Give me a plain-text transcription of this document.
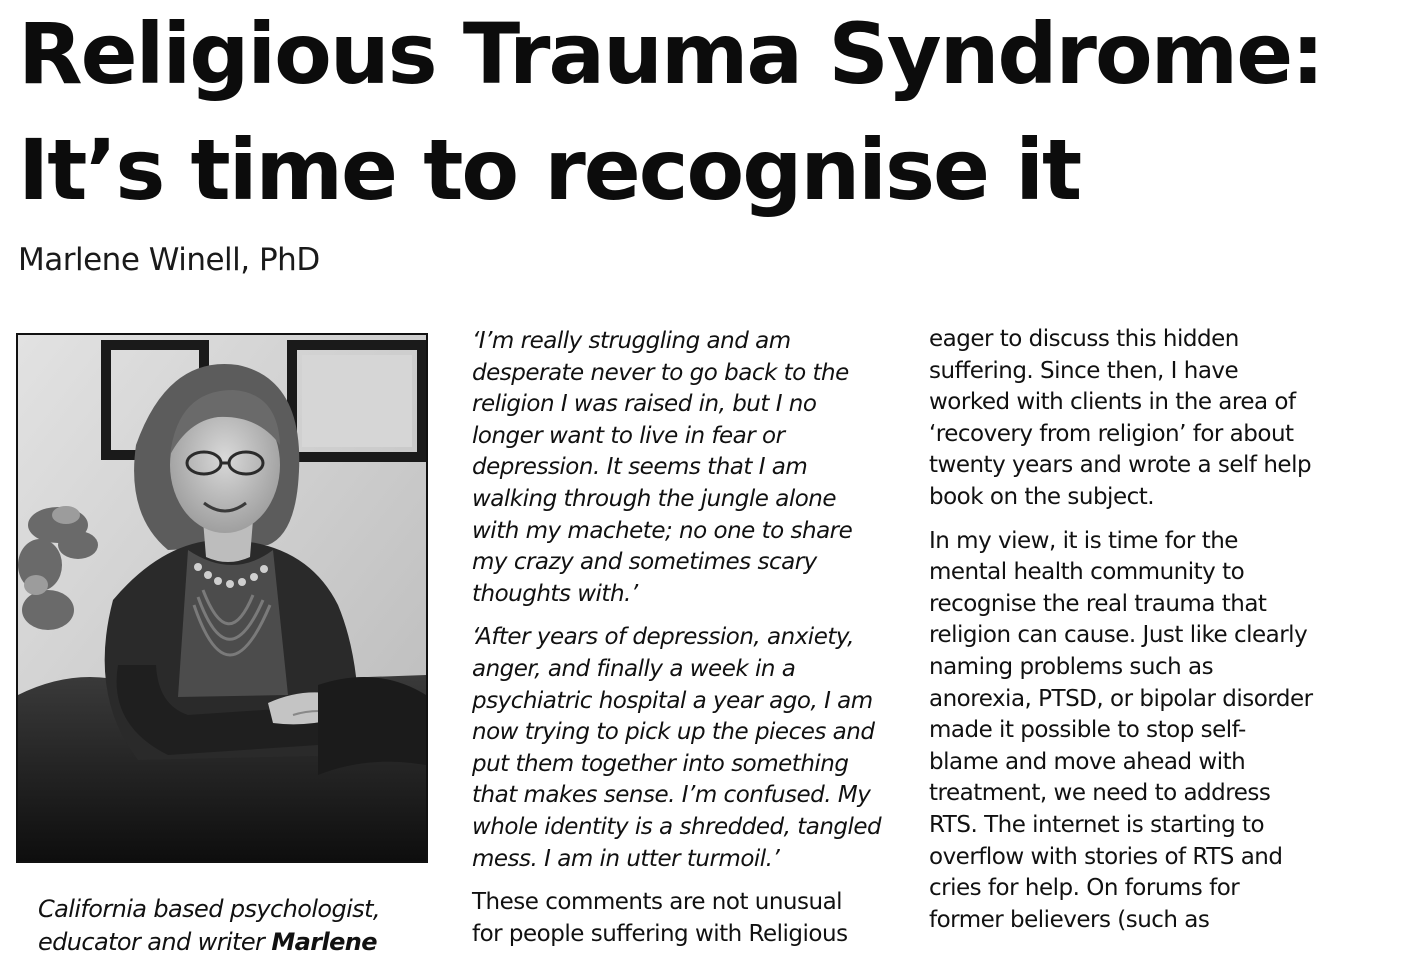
Religious Trauma Syndrome:
It’s time to recognise it

Marlene Winell, PhD

California based psychologist,
educator and writer Marlene

‘I’m really struggling and am
desperate never to go back to the
religion I was raised in, but I no
longer want to live in fear or
depression. It seems that I am
walking through the jungle alone
with my machete; no one to share
my crazy and sometimes scary
thoughts with.’

‘After years of depression, anxiety,
anger, and finally a week in a
psychiatric hospital a year ago, I am
now trying to pick up the pieces and
put them together into something
that makes sense. I’m confused. My
whole identity is a shredded, tangled
mess. I am in utter turmoil.’

These comments are not unusual
for people suffering with Religious

eager to discuss this hidden
suffering. Since then, I have
worked with clients in the area of
‘recovery from religion’ for about
twenty years and wrote a self help
book on the subject.

In my view, it is time for the
mental health community to
recognise the real trauma that
religion can cause. Just like clearly
naming problems such as
anorexia, PTSD, or bipolar disorder
made it possible to stop self-
blame and move ahead with
treatment, we need to address
RTS. The internet is starting to
overflow with stories of RTS and
cries for help. On forums for
former believers (such as
